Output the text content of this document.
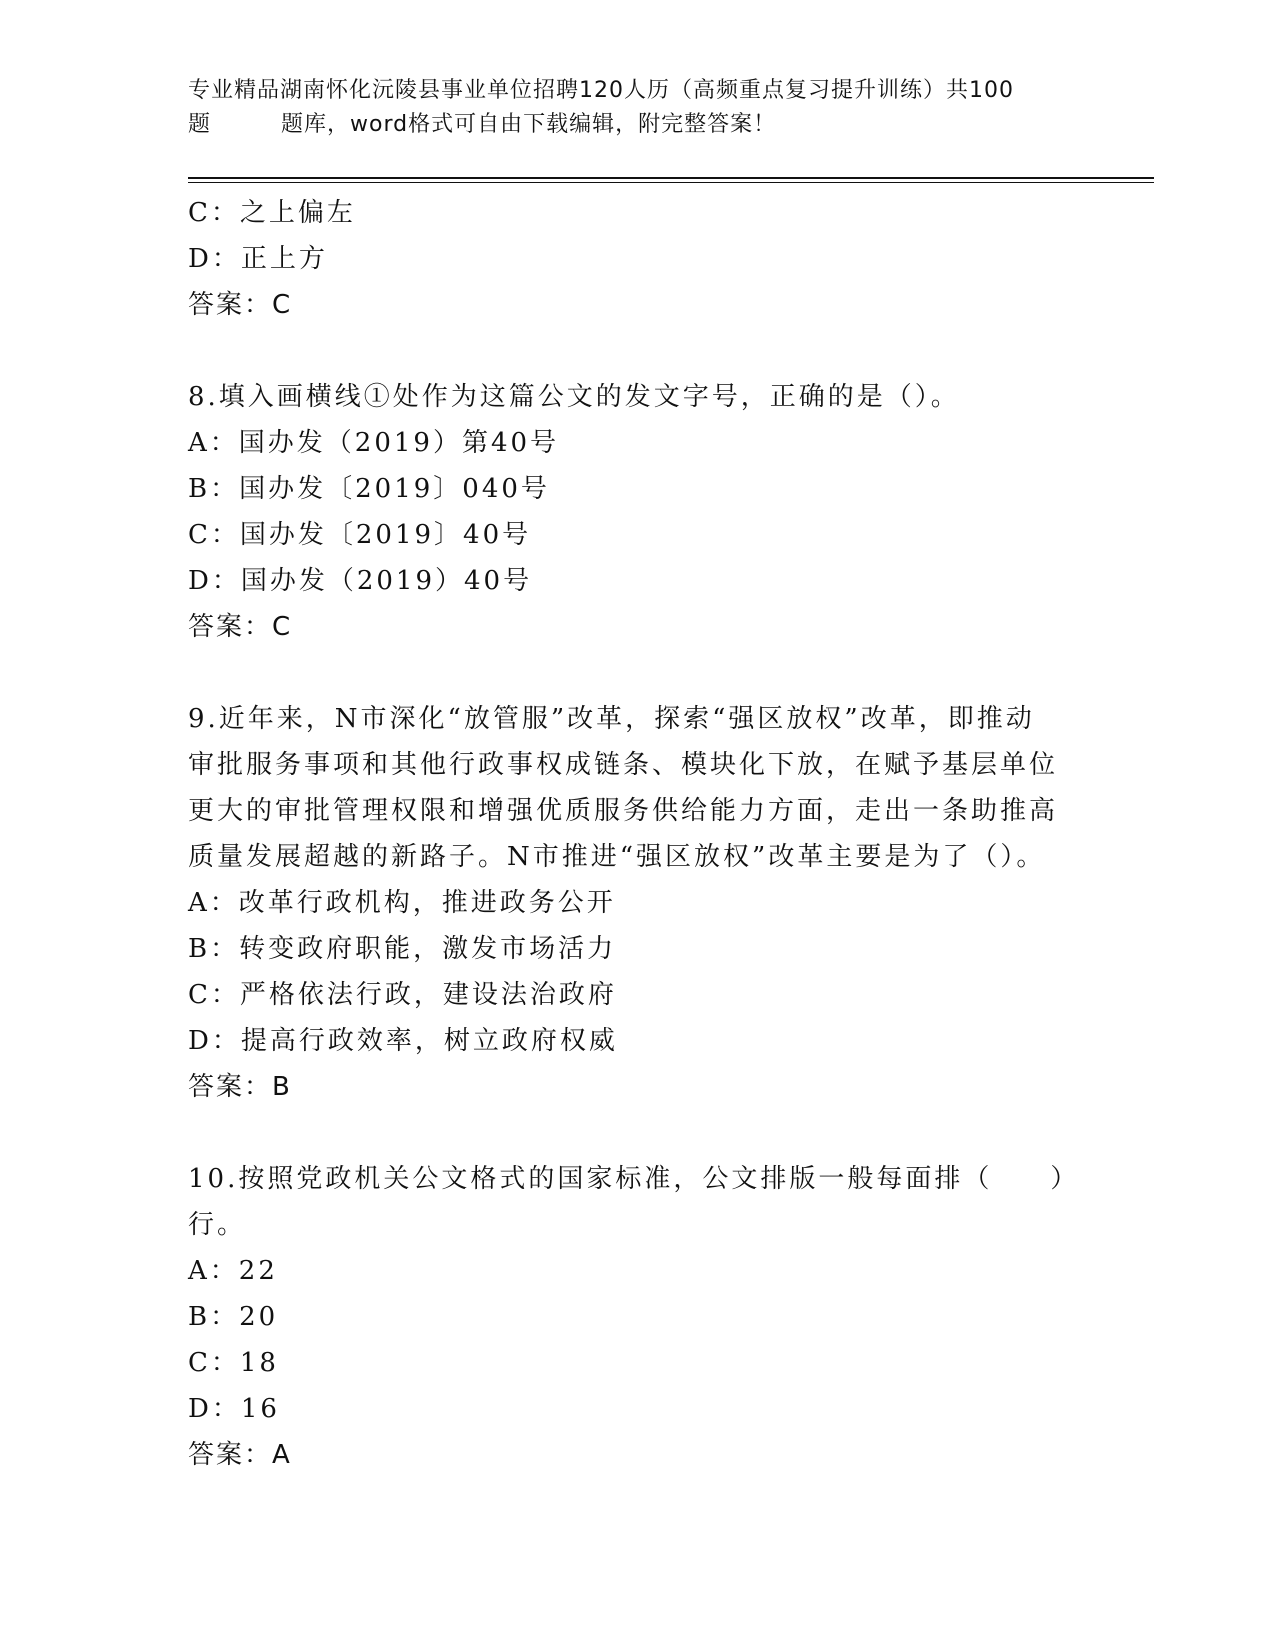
专业精品湖南怀化沅陵县事业单位招聘120人历（高频重点复习提升训练）共100
题	题库，word格式可自由下载编辑，附完整答案！
C：之上偏左
D：正上方
答案：C
8.填入画横线①处作为这篇公文的发文字号，正确的是（）。
A：国办发（2019）第40号
B：国办发〔2019〕040号
C：国办发〔2019〕40号
D：国办发（2019）40号
答案：C
9.近年来，N市深化“放管服”改革，探索“强区放权”改革，即推动
审批服务事项和其他行政事权成链条、模块化下放，在赋予基层单位
更大的审批管理权限和增强优质服务供给能力方面，走出一条助推高
质量发展超越的新路子。N市推进“强区放权”改革主要是为了（）。
A：改革行政机构，推进政务公开
B：转变政府职能，激发市场活力
C：严格依法行政，建设法治政府
D：提高行政效率，树立政府权威
答案：B
10.按照党政机关公文格式的国家标准，公文排版一般每面排（　　）
行。
A：22
B：20
C：18
D：16
答案：A
